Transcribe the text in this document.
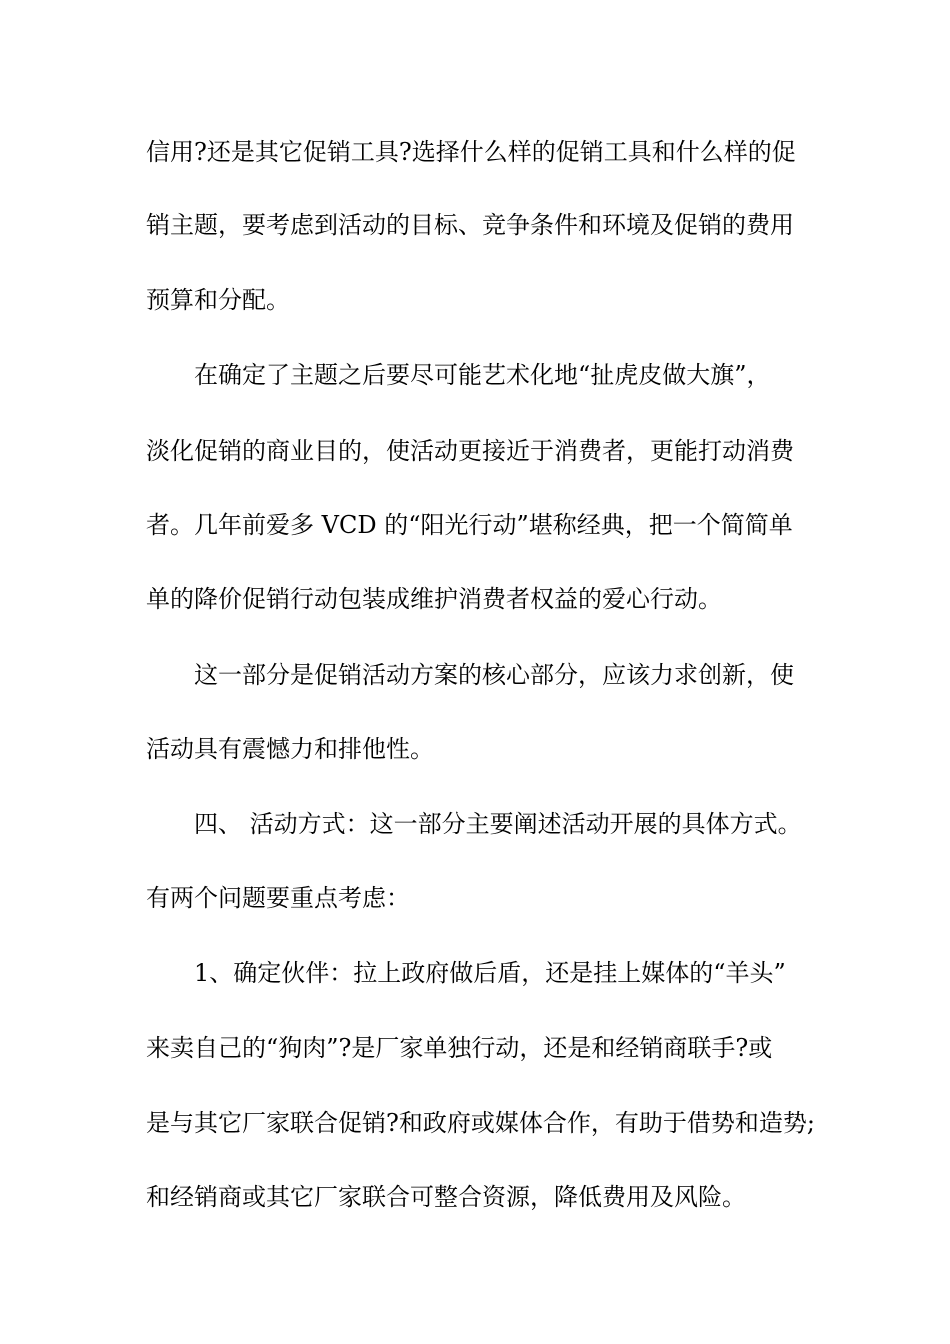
信用?还是其它促销工具?选择什么样的促销工具和什么样的促

销主题，要考虑到活动的目标、竞争条件和环境及促销的费用

预算和分配。

在确定了主题之后要尽可能艺术化地“扯虎皮做大旗”，

淡化促销的商业目的，使活动更接近于消费者，更能打动消费

者。几年前爱多 VCD 的“阳光行动”堪称经典，把一个简简单

单的降价促销行动包装成维护消费者权益的爱心行动。

这一部分是促销活动方案的核心部分，应该力求创新，使

活动具有震憾力和排他性。

四、 活动方式：这一部分主要阐述活动开展的具体方式。

有两个问题要重点考虑：

1、确定伙伴：拉上政府做后盾，还是挂上媒体的“羊头”

来卖自己的“狗肉”?是厂家单独行动，还是和经销商联手?或

是与其它厂家联合促销?和政府或媒体合作，有助于借势和造势;

和经销商或其它厂家联合可整合资源，降低费用及风险。
